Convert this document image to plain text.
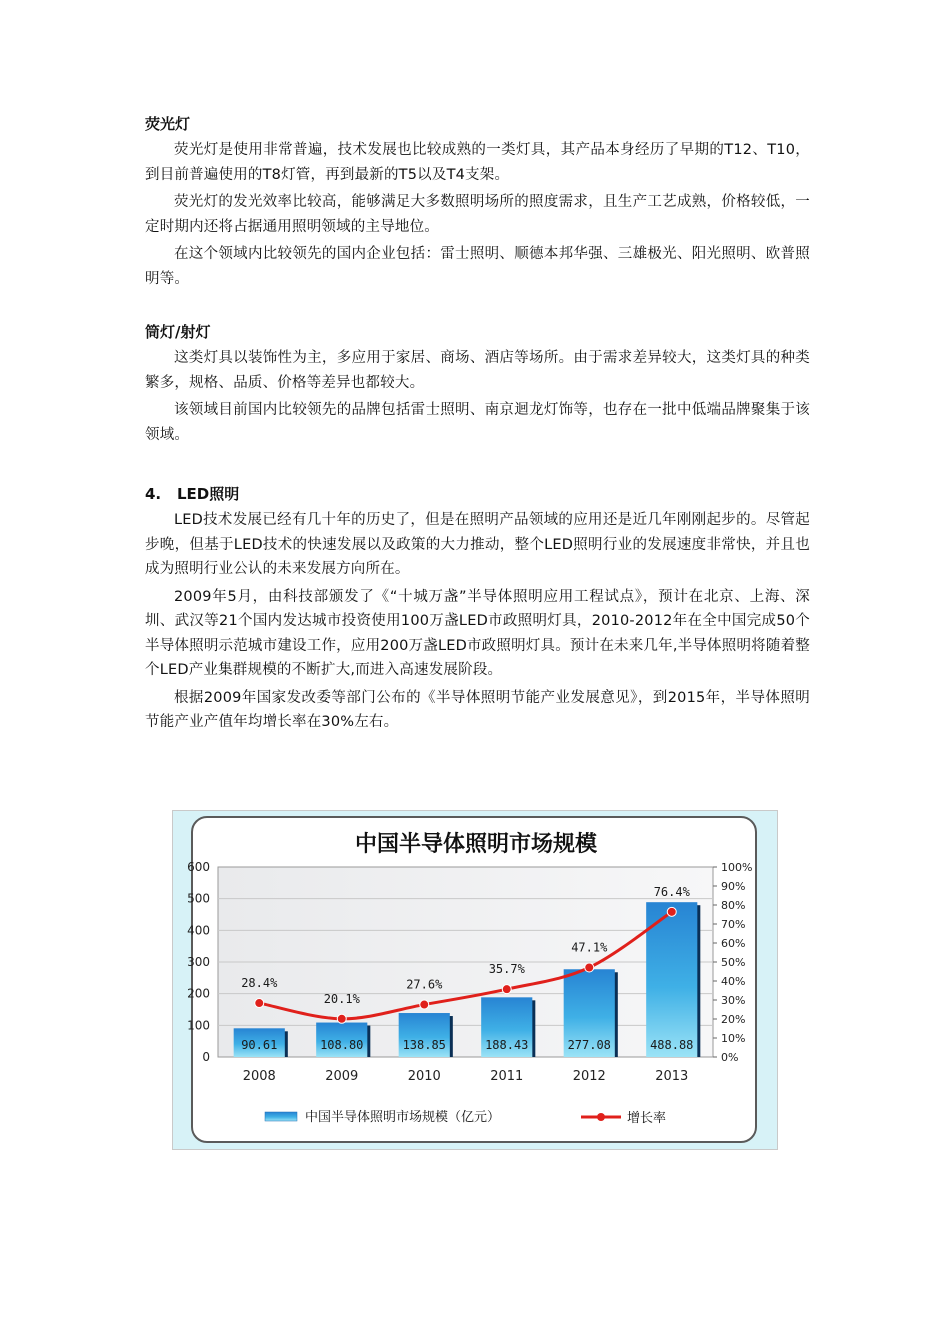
荧光灯

荧光灯是使用非常普遍，技术发展也比较成熟的一类灯具，其产品本身经历了早期的T12、T10，到目前普遍使用的T8灯管，再到最新的T5以及T4支架。

荧光灯的发光效率比较高，能够满足大多数照明场所的照度需求，且生产工艺成熟，价格较低，一定时期内还将占据通用照明领域的主导地位。

在这个领域内比较领先的国内企业包括：雷士照明、顺德本邦华强、三雄极光、阳光照明、欧普照明等。

筒灯/射灯

这类灯具以装饰性为主，多应用于家居、商场、酒店等场所。由于需求差异较大，这类灯具的种类繁多，规格、品质、价格等差异也都较大。

该领域目前国内比较领先的品牌包括雷士照明、南京迴龙灯饰等，也存在一批中低端品牌聚集于该领域。

4. LED照明

LED技术发展已经有几十年的历史了，但是在照明产品领域的应用还是近几年刚刚起步的。尽管起步晚，但基于LED技术的快速发展以及政策的大力推动，整个LED照明行业的发展速度非常快，并且也成为照明行业公认的未来发展方向所在。

2009年5月，由科技部颁发了《“十城万盏”半导体照明应用工程试点》，预计在北京、上海、深圳、武汉等21个国内发达城市投资使用100万盏LED市政照明灯具，2010-2012年在全中国完成50个半导体照明示范城市建设工作，应用200万盏LED市政照明灯具。预计在未来几年,半导体照明将随着整个LED产业集群规模的不断扩大,而进入高速发展阶段。

根据2009年国家发改委等部门公布的《半导体照明节能产业发展意见》，到2015年，半导体照明节能产业产值年均增长率在30%左右。

中国半导体照明市场规模
0
100
200
300
400
500
600
0%
10%
20%
30%
40%
50%
60%
70%
80%
90%
100%
2008	2009	2010	2011	2012	2013
90.61	108.80	138.85	188.43	277.08	488.88
28.4%
20.1%
27.6%
35.7%
47.1%
76.4%
中国半导体照明市场规模（亿元）	增长率
